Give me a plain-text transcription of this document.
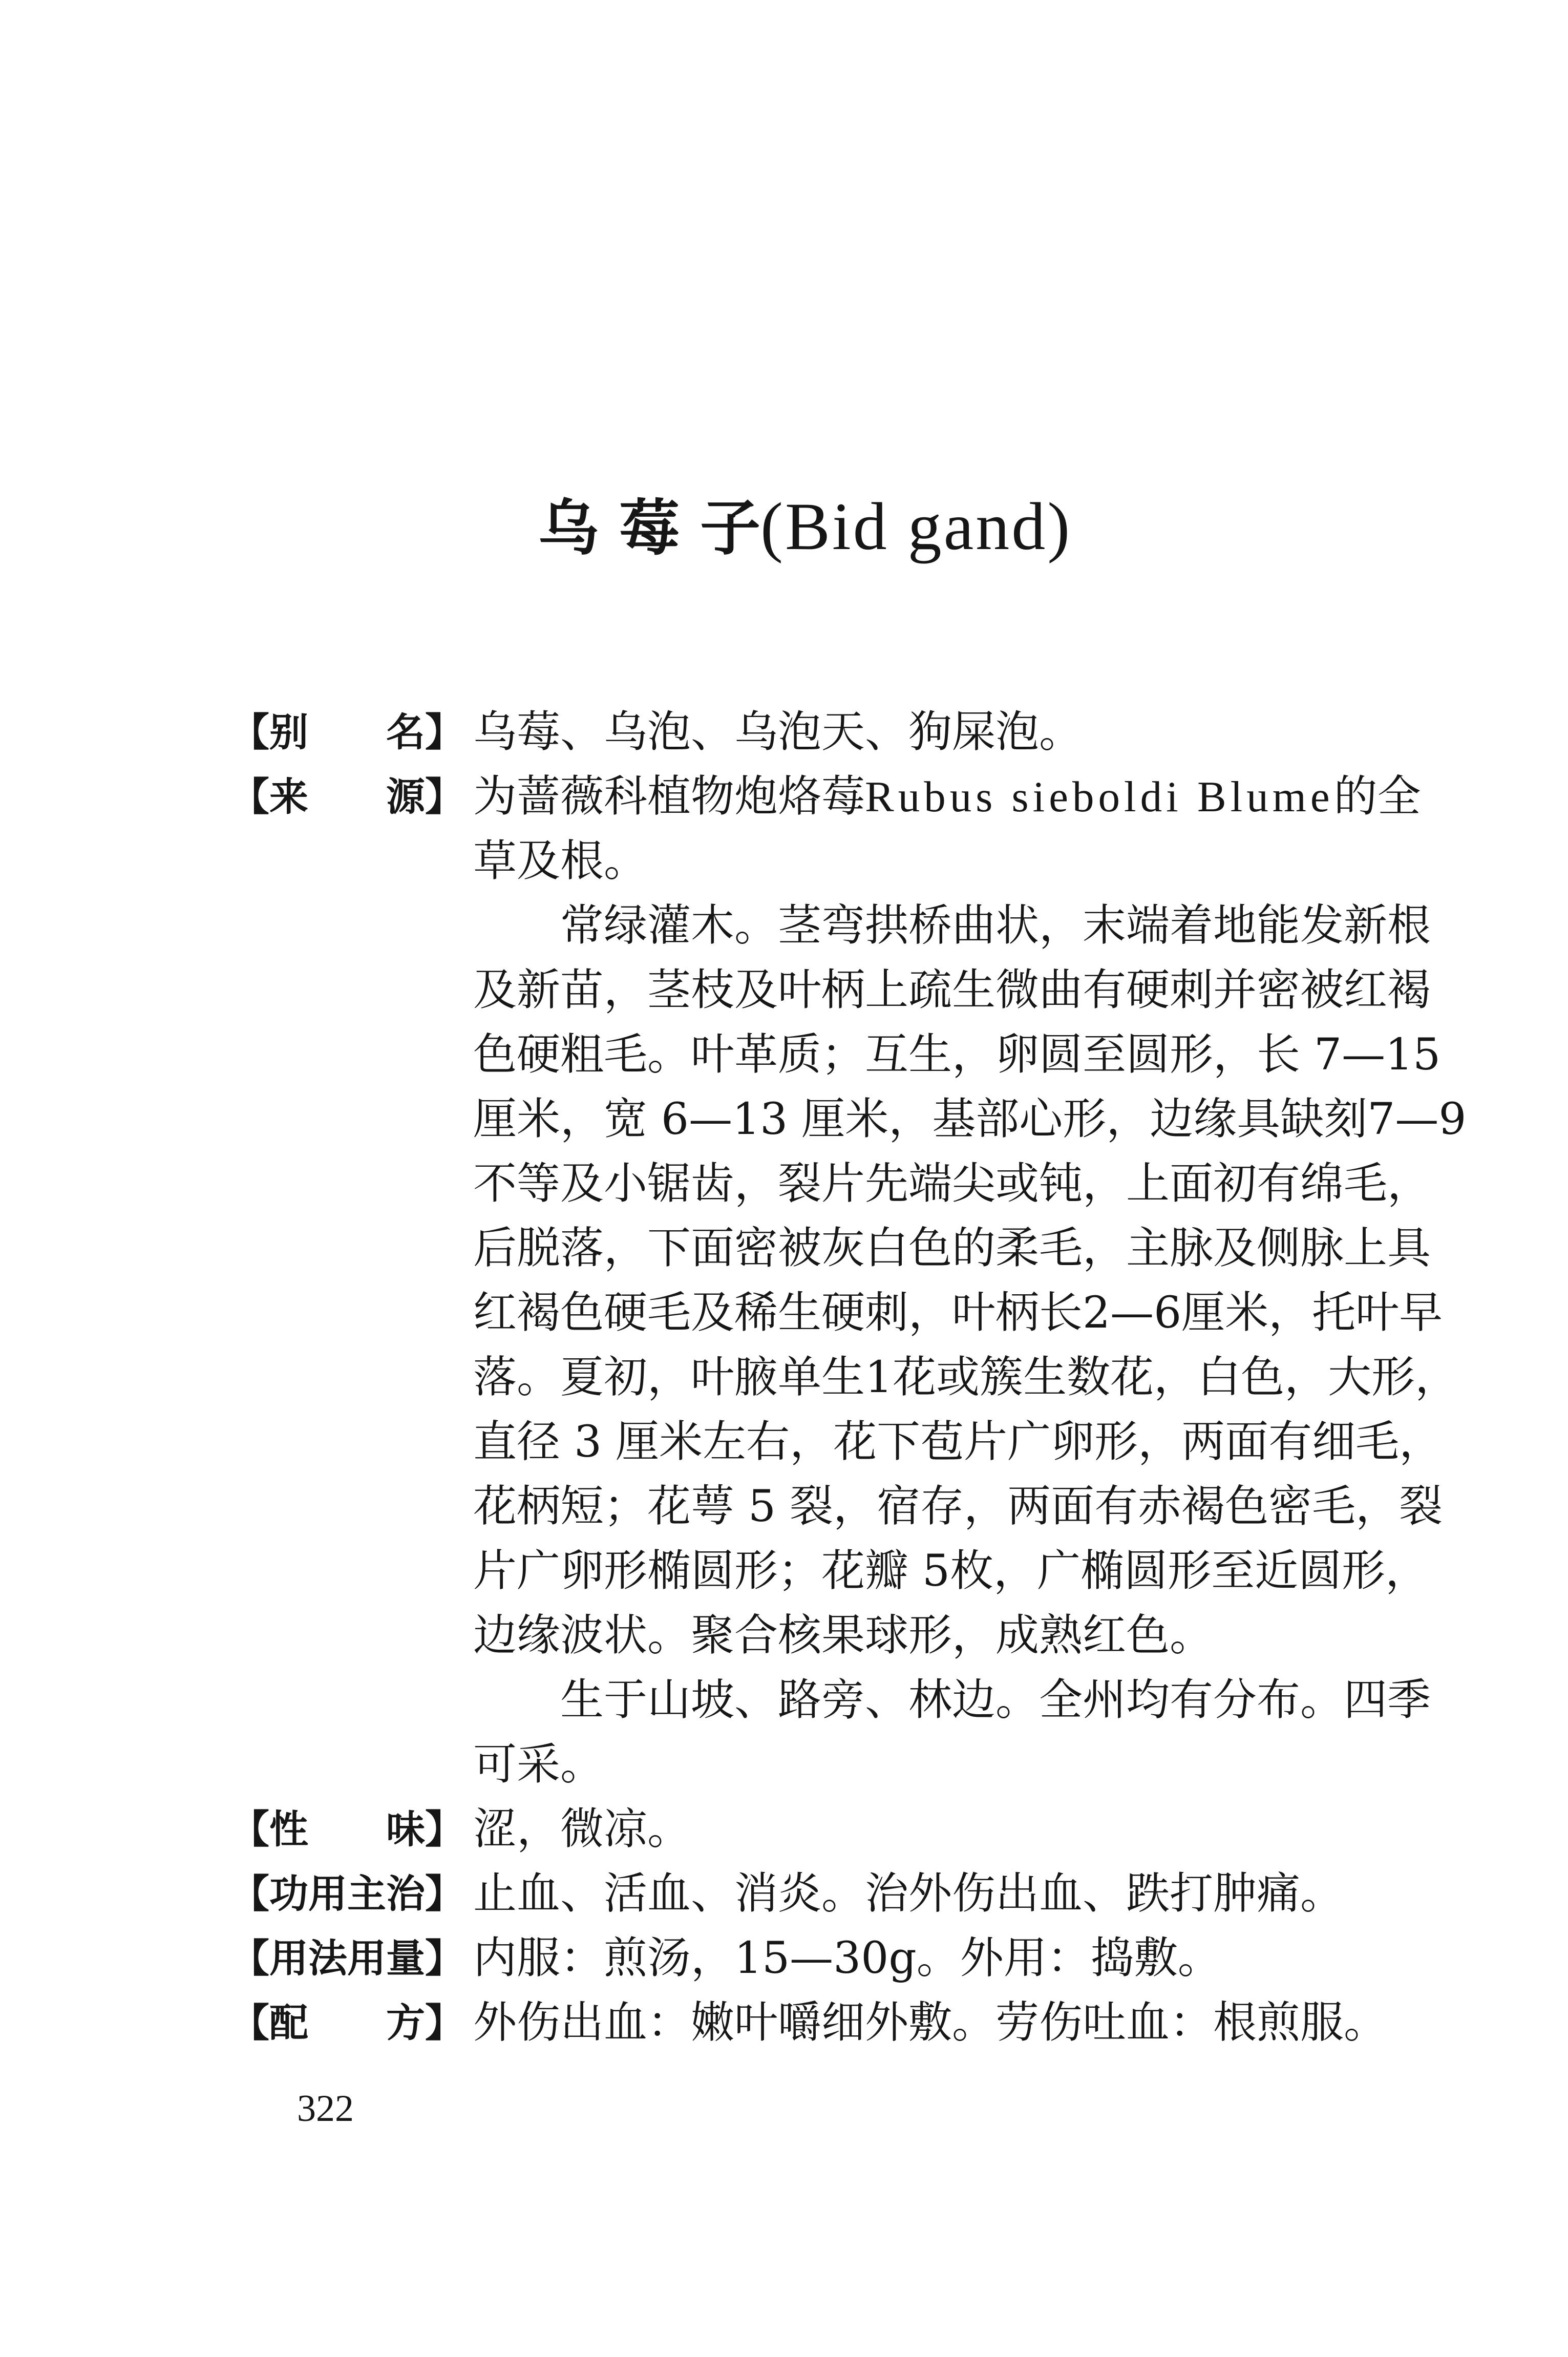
乌莓子(Bid gand)
【别　　名】 乌莓、乌泡、乌泡天、狗屎泡。
【来　　源】 为蔷薇科植物炮烙莓Rubus sieboldi Blume的全
草及根。
常绿灌木。茎弯拱桥曲状，末端着地能发新根
及新苗，茎枝及叶柄上疏生微曲有硬刺并密被红褐
色硬粗毛。叶革质；互生，卵圆至圆形，长 7—15
厘米，宽 6—13 厘米，基部心形，边缘具缺刻7—9
不等及小锯齿，裂片先端尖或钝，上面初有绵毛，
后脱落，下面密被灰白色的柔毛，主脉及侧脉上具
红褐色硬毛及稀生硬刺，叶柄长2—6厘米，托叶早
落。夏初，叶腋单生1花或簇生数花，白色，大形，
直径 3 厘米左右，花下苞片广卵形，两面有细毛，
花柄短；花萼 5 裂，宿存，两面有赤褐色密毛，裂
片广卵形椭圆形；花瓣 5枚，广椭圆形至近圆形，
边缘波状。聚合核果球形，成熟红色。
生于山坡、路旁、林边。全州均有分布。四季
可采。
【性　　味】 涩，微凉。
【功用主治】 止血、活血、消炎。治外伤出血、跌打肿痛。
【用法用量】 内服：煎汤，15—30g。外用：捣敷。
【配　　方】 外伤出血：嫩叶嚼细外敷。劳伤吐血：根煎服。
322
